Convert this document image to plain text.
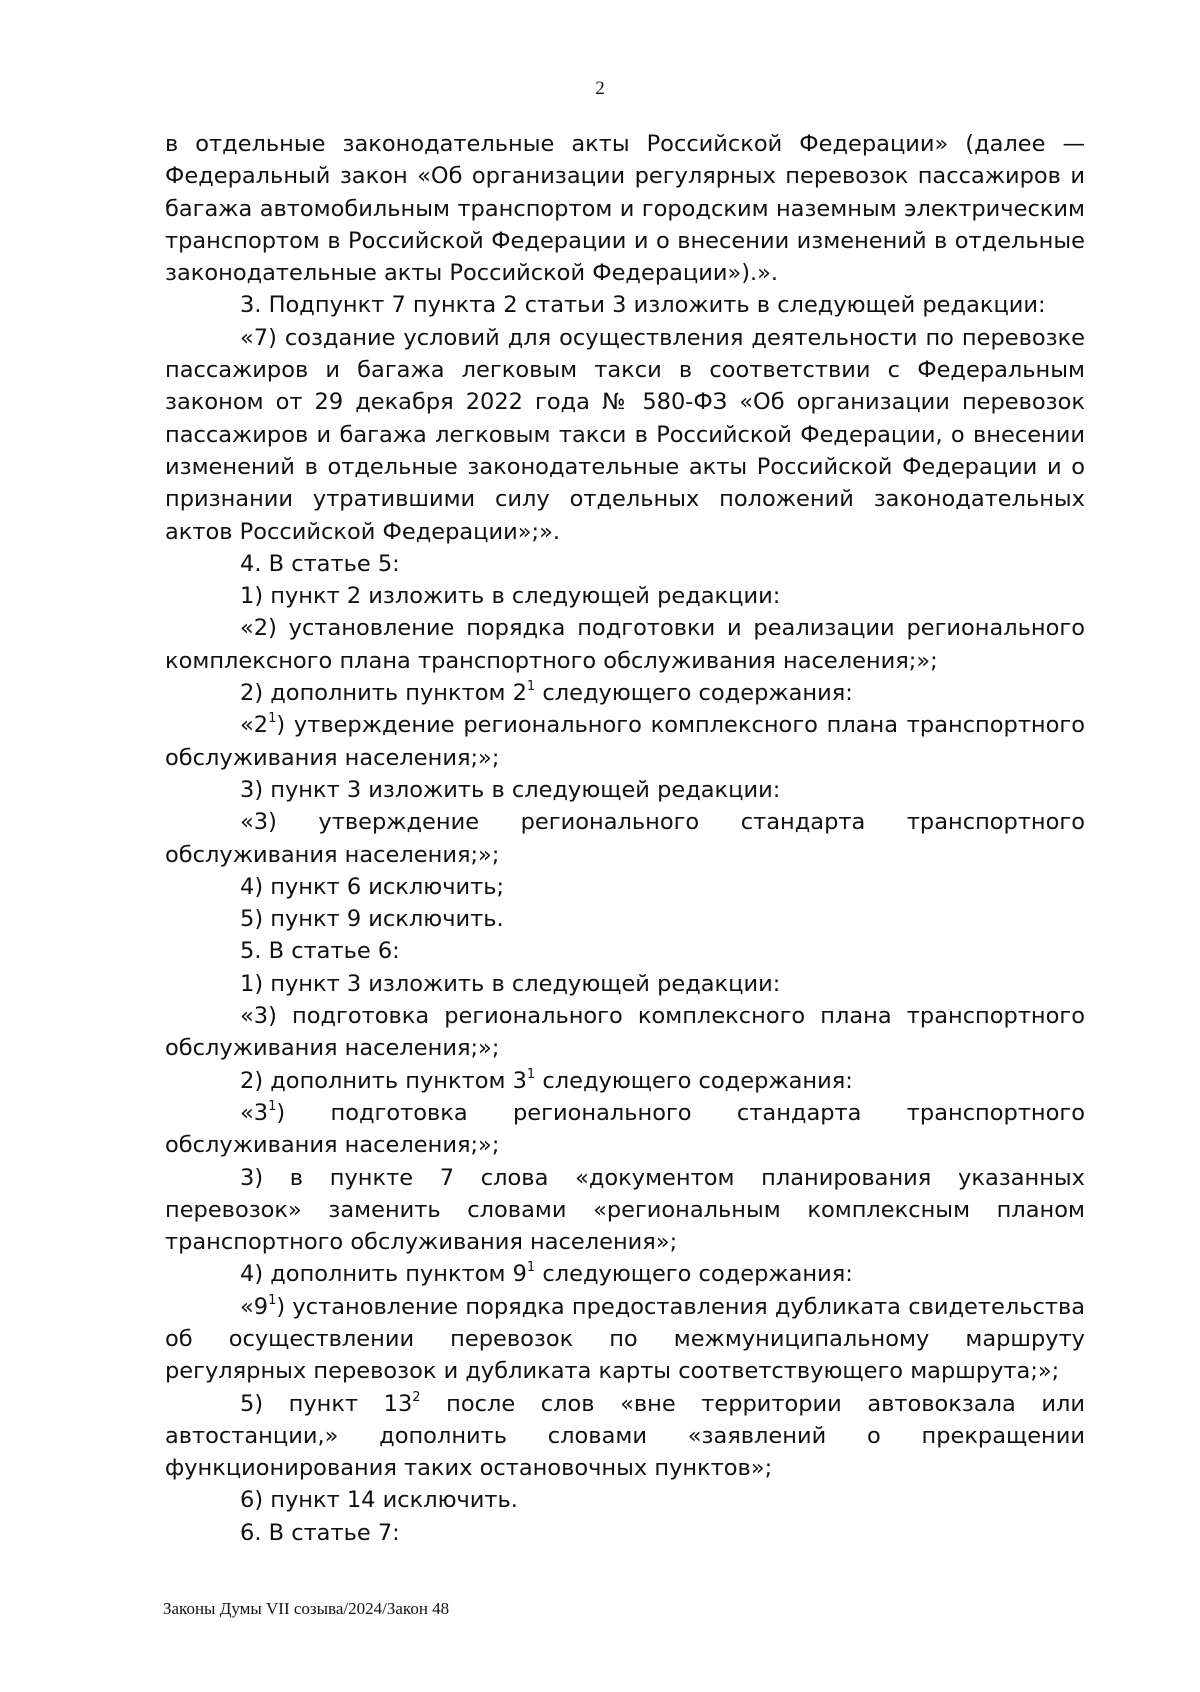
2

в отдельные законодательные акты Российской Федерации» (далее — Федеральный закон «Об организации регулярных перевозок пассажиров и багажа автомобильным транспортом и городским наземным электрическим транспортом в Российской Федерации и о внесении изменений в отдельные законодательные акты Российской Федерации»).».

3. Подпункт 7 пункта 2 статьи 3 изложить в следующей редакции:

«7) создание условий для осуществления деятельности по перевозке пассажиров и багажа легковым такси в соответствии с Федеральным законом от 29 декабря 2022 года № 580-ФЗ «Об организации перевозок пассажиров и багажа легковым такси в Российской Федерации, о внесении изменений в отдельные законодательные акты Российской Федерации и о признании утратившими силу отдельных положений законодательных актов Российской Федерации»;».

4. В статье 5:

1) пункт 2 изложить в следующей редакции:

«2) установление порядка подготовки и реализации регионального комплексного плана транспортного обслуживания населения;»;

2) дополнить пунктом $2^1$ следующего содержания:

«$2^1$) утверждение регионального комплексного плана транспортного обслуживания населения;»;

3) пункт 3 изложить в следующей редакции:

«3) утверждение регионального стандарта транспортного обслуживания населения;»;

4) пункт 6 исключить;

5) пункт 9 исключить.

5. В статье 6:

1) пункт 3 изложить в следующей редакции:

«3) подготовка регионального комплексного плана транспортного обслуживания населения;»;

2) дополнить пунктом $3^1$ следующего содержания:

«$3^1$) подготовка регионального стандарта транспортного обслуживания населения;»;

3) в пункте 7 слова «документом планирования указанных перевозок» заменить словами «региональным комплексным планом транспортного обслуживания населения»;

4) дополнить пунктом $9^1$ следующего содержания:

«$9^1$) установление порядка предоставления дубликата свидетельства об осуществлении перевозок по межмуниципальному маршруту регулярных перевозок и дубликата карты соответствующего маршрута;»;

5) пункт $13^2$ после слов «вне территории автовокзала или автостанции,» дополнить словами «заявлений о прекращении функционирования таких остановочных пунктов»;

6) пункт 14 исключить.

6. В статье 7:

Законы Думы VII созыва/2024/Закон 48
